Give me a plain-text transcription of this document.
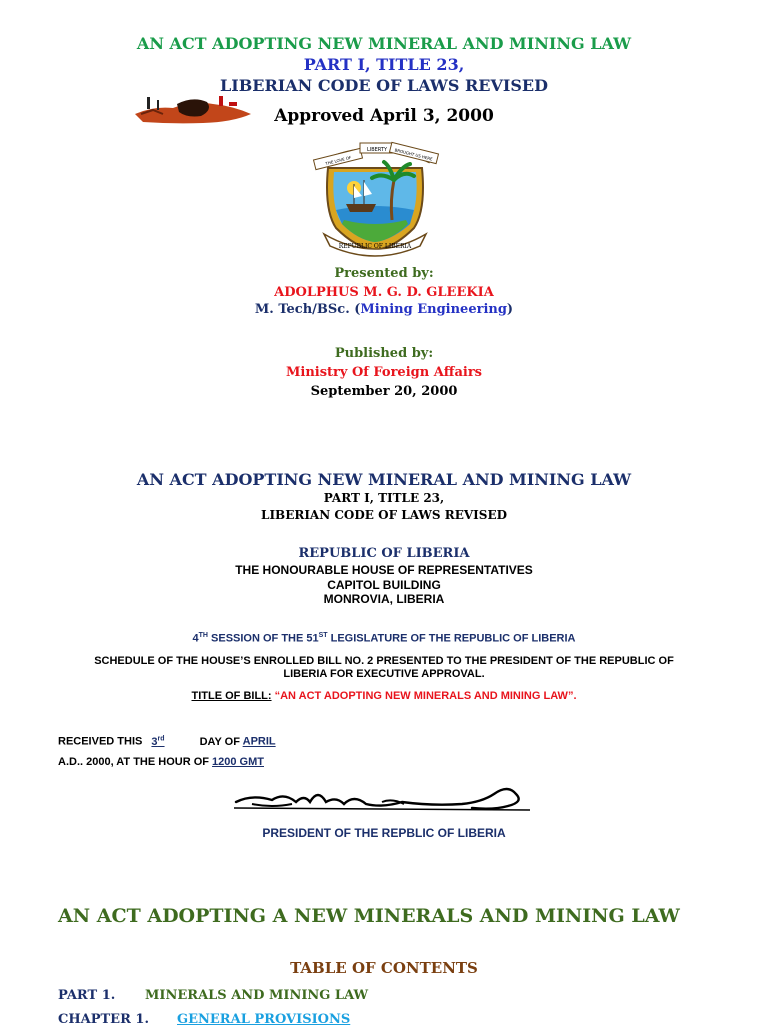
AN ACT ADOPTING NEW MINERAL AND MINING LAW
PART I, TITLE 23,
LIBERIAN CODE OF LAWS REVISED
Approved April 3, 2000
THE LOVE OF
LIBERTY BROUGHT US HERE
REPUBLIC OF LIBERIA
Presented by:
ADOLPHUS M. G. D. GLEEKIA
M. Tech/BSc. (Mining Engineering)
Published by:
Ministry Of Foreign Affairs
September 20, 2000
AN ACT ADOPTING NEW MINERAL AND MINING LAW
PART I, TITLE 23,
LIBERIAN CODE OF LAWS REVISED
REPUBLIC OF LIBERIA
THE HONOURABLE HOUSE OF REPRESENTATIVES
CAPITOL BUILDING
MONROVIA, LIBERIA
4TH SESSION OF THE 51ST LEGISLATURE OF THE REPUBLIC OF LIBERIA
SCHEDULE OF THE HOUSE’S ENROLLED BILL NO. 2 PRESENTED TO THE PRESIDENT OF THE REPUBLIC OF
LIBERIA FOR EXECUTIVE APPROVAL.
TITLE OF BILL: “AN ACT ADOPTING NEW MINERALS AND MINING LAW”.
RECEIVED THIS 3rd	DAY OF APRIL
A.D.. 2000, AT THE HOUR OF 1200 GMT
PRESIDENT OF THE REPBLIC OF LIBERIA
AN ACT ADOPTING A NEW MINERALS AND MINING LAW
TABLE OF CONTENTS
PART 1. MINERALS AND MINING LAW
CHAPTER 1. GENERAL PROVISIONS
